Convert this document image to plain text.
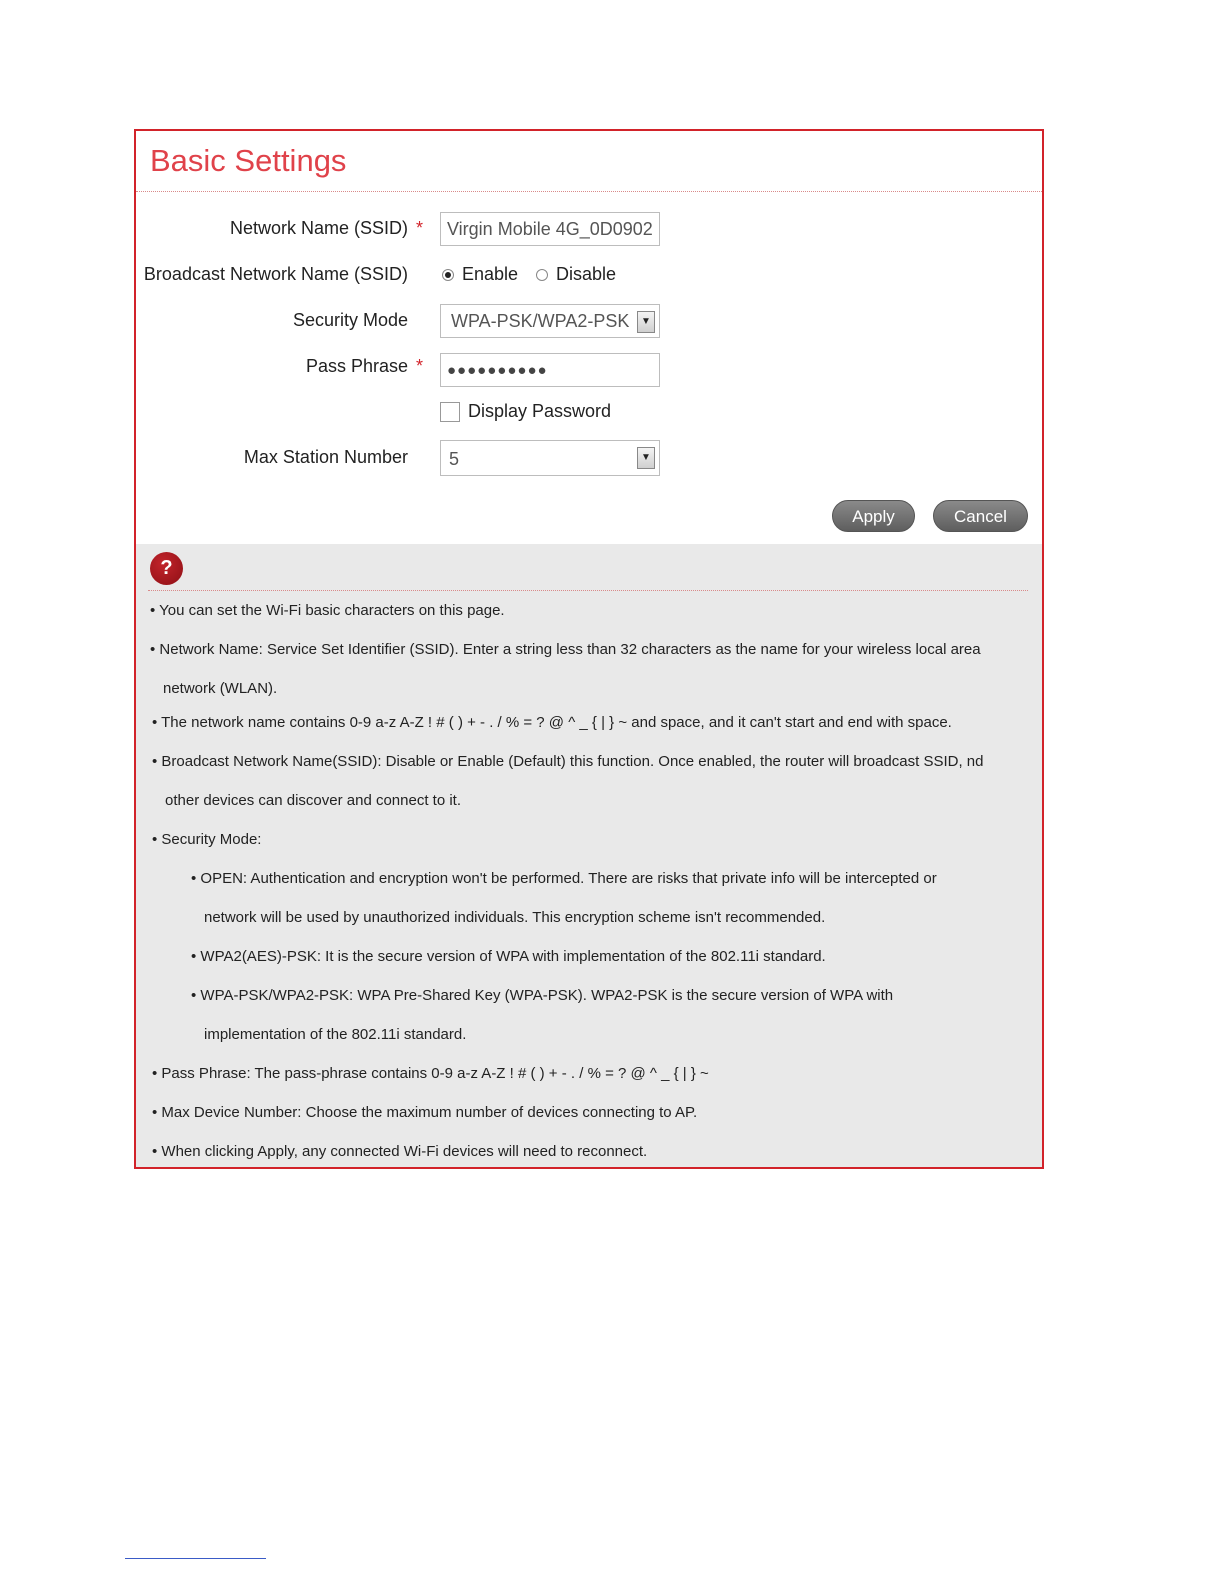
Basic Settings
Network Name (SSID) *	Virgin Mobile 4G_0D0902
Broadcast Network Name (SSID)	Enable Disable
Security Mode	WPA-PSK/WPA2-PSK	▼
Pass Phrase *	●●●●●●●●●●
Display Password
Max Station Number	5	▼
Apply	Cancel
?
• You can set the Wi-Fi basic characters on this page.
• Network Name: Service Set Identifier (SSID). Enter a string less than 32 characters as the name for your wireless local area
network (WLAN).
• The network name contains 0-9 a-z A-Z ! # ( ) + - . / % = ? @ ^ _ { | } ~ and space, and it can't start and end with space.
• Broadcast Network Name(SSID): Disable or Enable (Default) this function. Once enabled, the router will broadcast SSID, nd
other devices can discover and connect to it.
• Security Mode:
• OPEN: Authentication and encryption won't be performed. There are risks that private info will be intercepted or
network will be used by unauthorized individuals. This encryption scheme isn't recommended.
• WPA2(AES)-PSK: It is the secure version of WPA with implementation of the 802.11i standard.
• WPA-PSK/WPA2-PSK: WPA Pre-Shared Key (WPA-PSK). WPA2-PSK is the secure version of WPA with
implementation of the 802.11i standard.
• Pass Phrase: The pass-phrase contains 0-9 a-z A-Z ! # ( ) + - . / % = ? @ ^ _ { | } ~
• Max Device Number: Choose the maximum number of devices connecting to AP.
• When clicking Apply, any connected Wi-Fi devices will need to reconnect.
